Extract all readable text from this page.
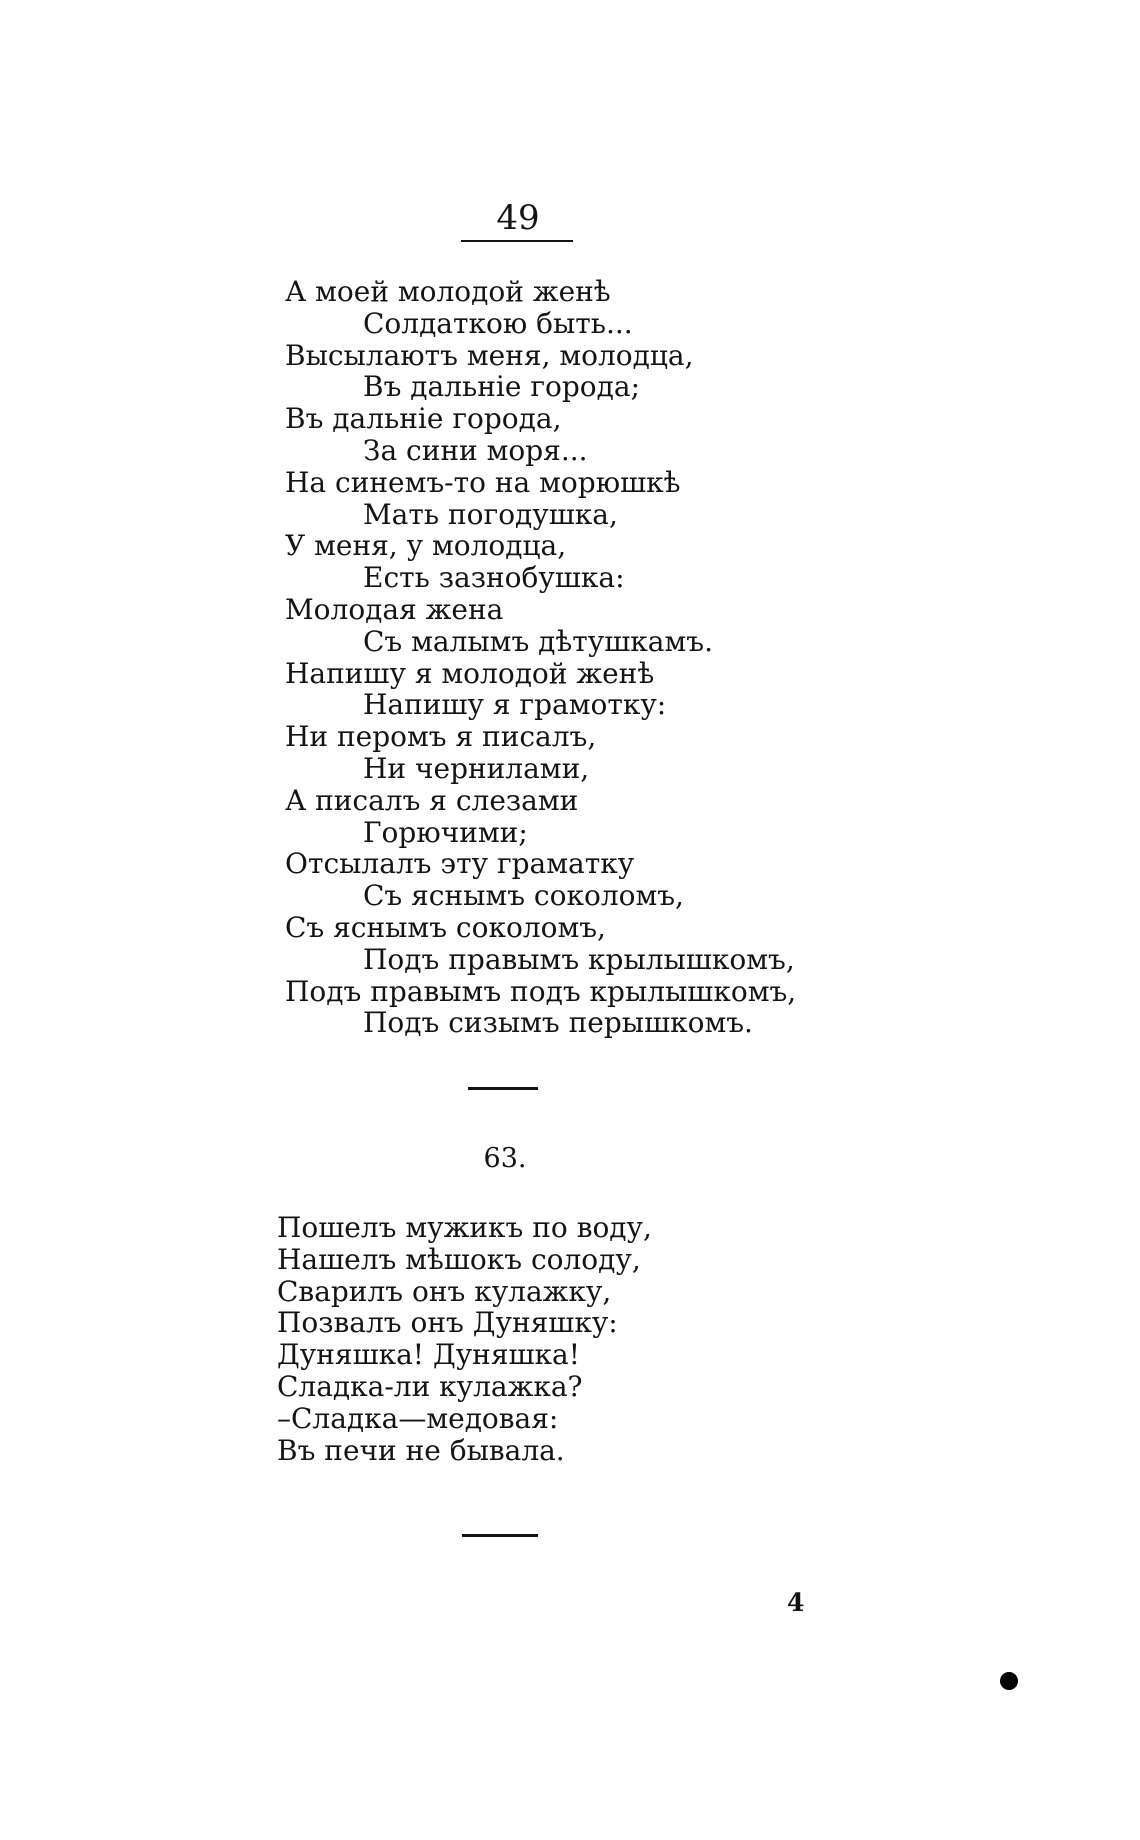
49

А моей молодой женѣ
Солдаткою быть...
Высылаютъ меня, молодца,
Въ дальнiе города;
Въ дальнiе города,
За сини моря...
На синемъ-то на морюшкѣ
Мать погодушка,
У меня, у молодца,
Есть зазнобушка:
Молодая жена
Съ малымъ дѣтушкамъ.
Напишу я молодой женѣ
Напишу я грамотку:
Ни перомъ я писалъ,
Ни чернилами,
А писалъ я слезами
Горючими;
Отсылалъ эту граматку
Съ яснымъ соколомъ,
Съ яснымъ соколомъ,
Подъ правымъ крылышкомъ,
Подъ правымъ подъ крылышкомъ,
Подъ сизымъ перышкомъ.

63.

Пошелъ мужикъ по воду,
Нашелъ мѣшокъ солоду,
Сварилъ онъ кулажку,
Позвалъ онъ Дуняшку:
Дуняшка! Дуняшка!
Сладка-ли кулажка?
–Сладка—медовая:
Въ печи не бывала.
4
